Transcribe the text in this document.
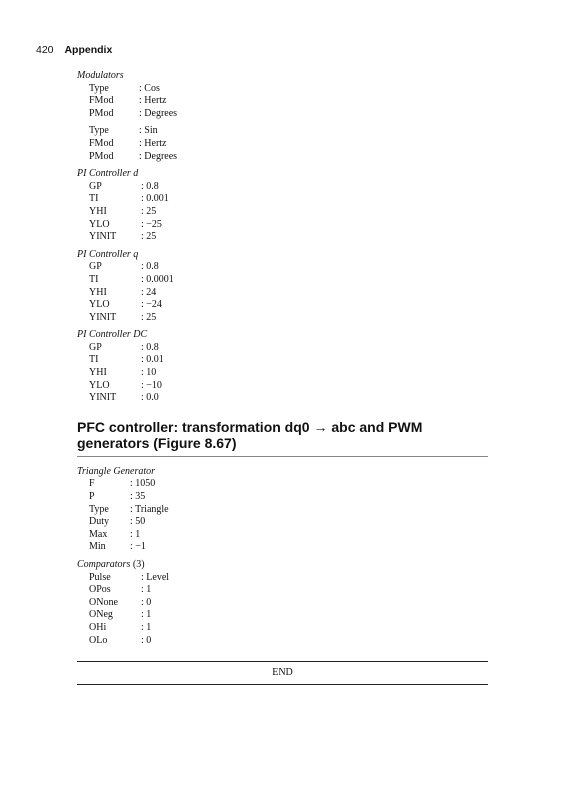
420 Appendix
Modulators
Type	: Cos
FMod	: Hertz
PMod	: Degrees
Type	: Sin
FMod	: Hertz
PMod	: Degrees
PI Controller d
GP	: 0.8
TI	: 0.001
YHI	: 25
YLO	: −25
YINIT	: 25
PI Controller q
GP	: 0.8
TI	: 0.0001
YHI	: 24
YLO	: −24
YINIT	: 25
PI Controller DC
GP	: 0.8
TI	: 0.01
YHI	: 10
YLO	: −10
YINIT	: 0.0
PFC controller: transformation dq0 → abc and PWM generators (Figure 8.67)
Triangle Generator
F	: 1050
P	: 35
Type	: Triangle
Duty	: 50
Max	: 1
Min	: −1
Comparators (3)
Pulse	: Level
OPos	: 1
ONone	: 0
ONeg	: 1
OHi	: 1
OLo	: 0
END
